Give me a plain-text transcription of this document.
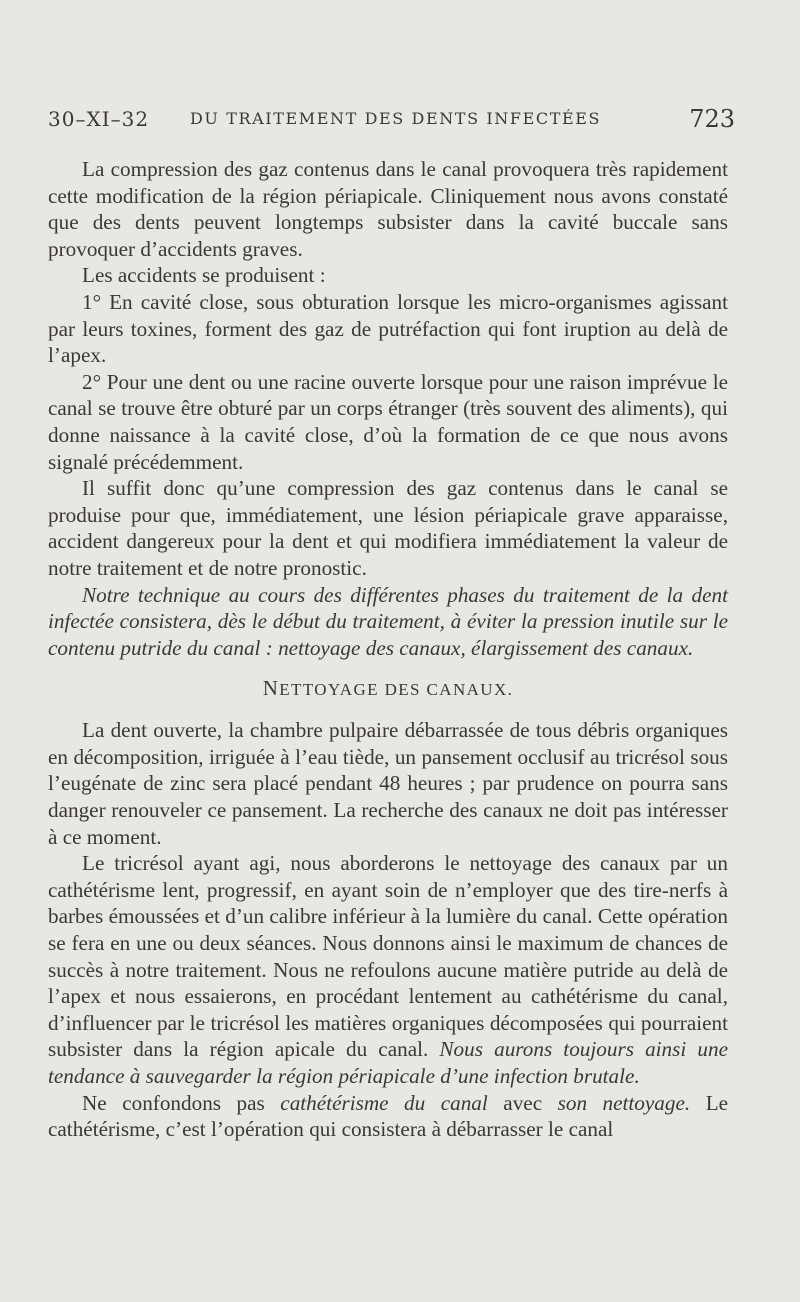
30–XI–32	DU TRAITEMENT DES DENTS INFECTÉES	723

La compression des gaz contenus dans le canal provoquera très rapidement cette modification de la région périapicale. Cliniquement nous avons constaté que des dents peuvent longtemps subsister dans la cavité buccale sans provoquer d’accidents graves.

Les accidents se produisent :

1° En cavité close, sous obturation lorsque les micro-organismes agissant par leurs toxines, forment des gaz de putréfaction qui font iruption au delà de l’apex.

2° Pour une dent ou une racine ouverte lorsque pour une raison imprévue le canal se trouve être obturé par un corps étranger (très souvent des aliments), qui donne naissance à la cavité close, d’où la formation de ce que nous avons signalé précédemment.

Il suffit donc qu’une compression des gaz contenus dans le canal se produise pour que, immédiatement, une lésion périapicale grave apparaisse, accident dangereux pour la dent et qui modifiera immédiatement la valeur de notre traitement et de notre pronostic.

Notre technique au cours des différentes phases du traitement de la dent infectée consistera, dès le début du traitement, à éviter la pression inutile sur le contenu putride du canal : nettoyage des canaux, élargissement des canaux.

NETTOYAGE DES CANAUX.

La dent ouverte, la chambre pulpaire débarrassée de tous débris organiques en décomposition, irriguée à l’eau tiède, un pansement occlusif au tricrésol sous l’eugénate de zinc sera placé pendant 48 heures ; par prudence on pourra sans danger renouveler ce pansement. La recherche des canaux ne doit pas intéresser à ce moment.

Le tricrésol ayant agi, nous aborderons le nettoyage des canaux par un cathétérisme lent, progressif, en ayant soin de n’employer que des tire-nerfs à barbes émoussées et d’un calibre inférieur à la lumière du canal. Cette opération se fera en une ou deux séances. Nous donnons ainsi le maximum de chances de succès à notre traitement. Nous ne refoulons aucune matière putride au delà de l’apex et nous essaierons, en procédant lentement au cathétérisme du canal, d’influencer par le tricrésol les matières organiques décomposées qui pourraient subsister dans la région apicale du canal. Nous aurons toujours ainsi une tendance à sauvegarder la région périapicale d’une infection brutale.

Ne confondons pas cathétérisme du canal avec son nettoyage. Le cathétérisme, c’est l’opération qui consistera à débarrasser le canal
